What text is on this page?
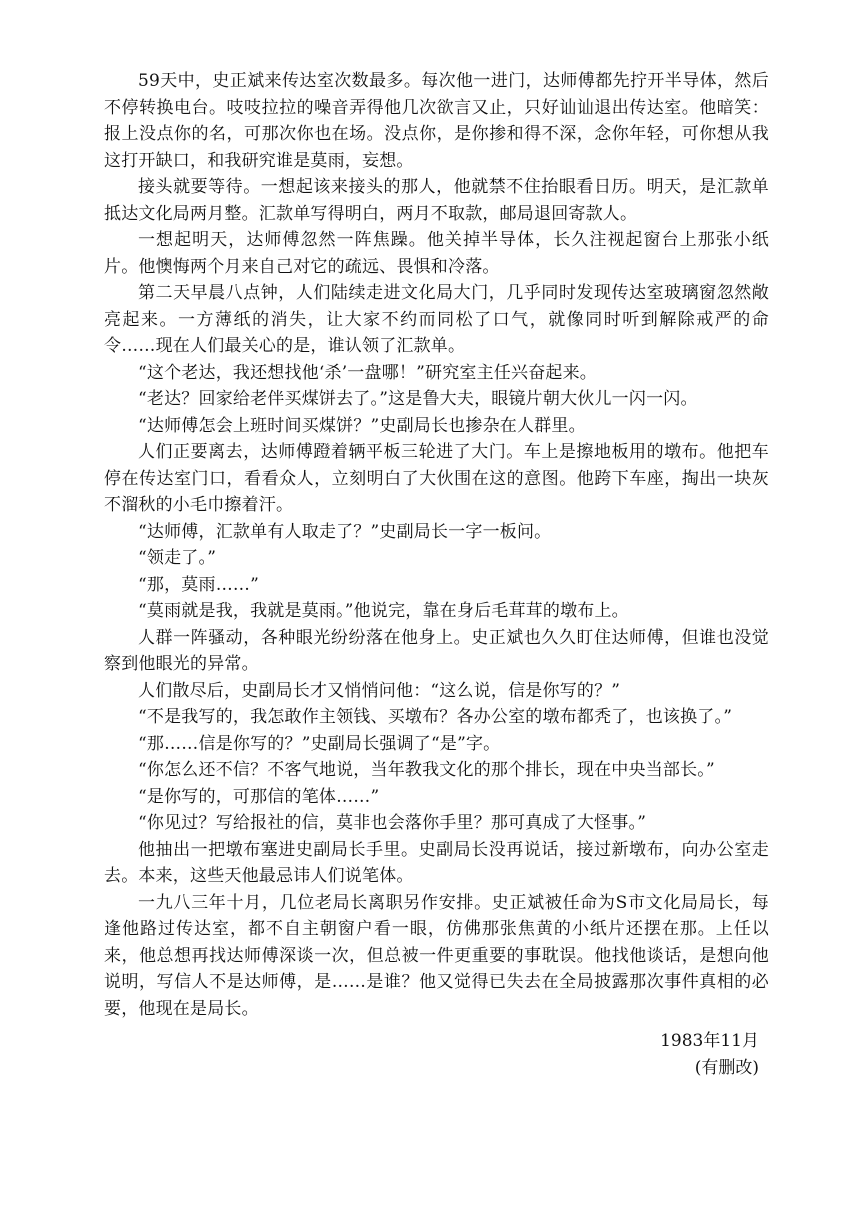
59天中，史正斌来传达室次数最多。每次他一进门，达师傅都先拧开半导体，然后不停转换电台。吱吱拉拉的噪音弄得他几次欲言又止，只好讪讪退出传达室。他暗笑：报上没点你的名，可那次你也在场。没点你，是你掺和得不深，念你年轻，可你想从我这打开缺口，和我研究谁是莫雨，妄想。

接头就要等待。一想起该来接头的那人，他就禁不住抬眼看日历。明天，是汇款单抵达文化局两月整。汇款单写得明白，两月不取款，邮局退回寄款人。

一想起明天，达师傅忽然一阵焦躁。他关掉半导体，长久注视起窗台上那张小纸片。他懊悔两个月来自己对它的疏远、畏惧和冷落。

第二天早晨八点钟，人们陆续走进文化局大门，几乎同时发现传达室玻璃窗忽然敞亮起来。一方薄纸的消失，让大家不约而同松了口气，就像同时听到解除戒严的命令……现在人们最关心的是，谁认领了汇款单。

“这个老达，我还想找他‘杀’一盘哪！”研究室主任兴奋起来。

“老达？回家给老伴买煤饼去了。”这是鲁大夫，眼镜片朝大伙儿一闪一闪。

“达师傅怎会上班时间买煤饼？”史副局长也掺杂在人群里。

人们正要离去，达师傅蹬着辆平板三轮进了大门。车上是擦地板用的墩布。他把车停在传达室门口，看看众人，立刻明白了大伙围在这的意图。他跨下车座，掏出一块灰不溜秋的小毛巾擦着汗。

“达师傅，汇款单有人取走了？”史副局长一字一板问。

“领走了。”

“那，莫雨……”

“莫雨就是我，我就是莫雨。”他说完，靠在身后毛茸茸的墩布上。

人群一阵骚动，各种眼光纷纷落在他身上。史正斌也久久盯住达师傅，但谁也没觉察到他眼光的异常。

人们散尽后，史副局长才又悄悄问他：“这么说，信是你写的？”

“不是我写的，我怎敢作主领钱、买墩布？各办公室的墩布都秃了，也该换了。”

“那……信是你写的？”史副局长强调了“是”字。

“你怎么还不信？不客气地说，当年教我文化的那个排长，现在中央当部长。”

“是你写的，可那信的笔体……”

“你见过？写给报社的信，莫非也会落你手里？那可真成了大怪事。”

他抽出一把墩布塞进史副局长手里。史副局长没再说话，接过新墩布，向办公室走去。本来，这些天他最忌讳人们说笔体。

一九八三年十月，几位老局长离职另作安排。史正斌被任命为S市文化局局长，每逢他路过传达室，都不自主朝窗户看一眼，仿佛那张焦黄的小纸片还摆在那。上任以来，他总想再找达师傅深谈一次，但总被一件更重要的事耽误。他找他谈话，是想向他说明，写信人不是达师傅，是……是谁？他又觉得已失去在全局披露那次事件真相的必要，他现在是局长。

1983年11月

(有删改)
